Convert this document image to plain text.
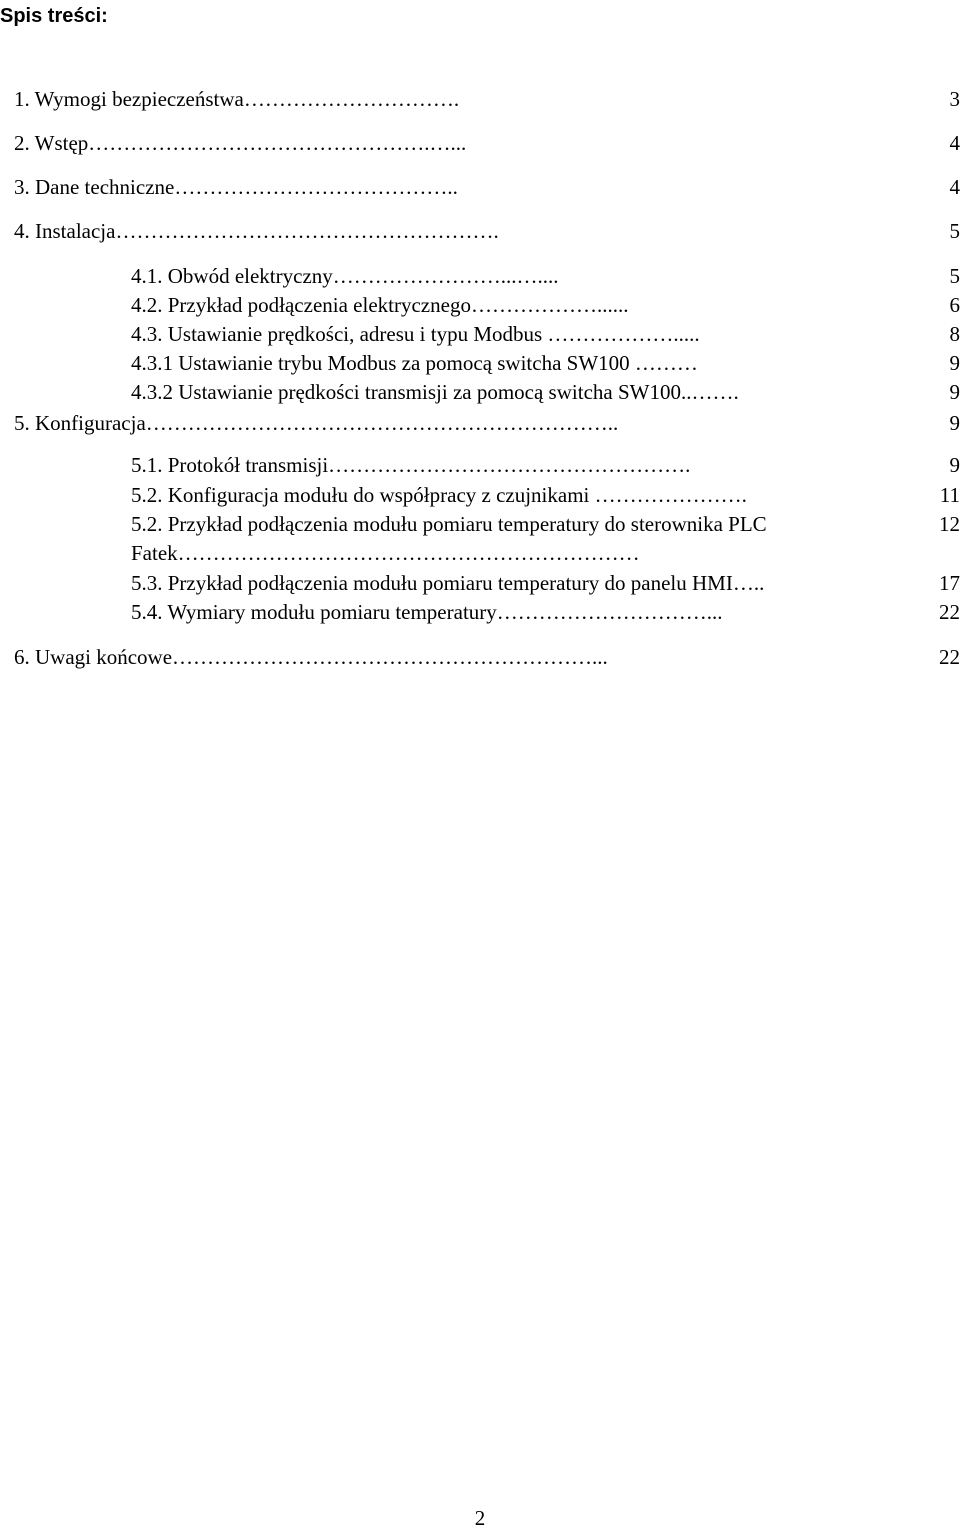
Spis treści:
1. Wymogi bezpieczeństwa………………………….	3
2. Wstęp………………………………………….…...	4
3. Dane techniczne…………………………………..	4
4. Instalacja……………………………………………….	5
4.1. Obwód elektryczny……………………...…....	5
4.2. Przykład podłączenia elektrycznego………………......	6
4.3. Ustawianie prędkości, adresu i typu Modbus ……………….....	8
4.3.1 Ustawianie trybu Modbus za pomocą switcha SW100 ………	9
4.3.2 Ustawianie prędkości transmisji za pomocą switcha SW100..…….	9
5. Konfiguracja…………………………………………………………..	9
5.1. Protokół transmisji…………………………………………….	9
5.2. Konfiguracja modułu do współpracy z czujnikami ………………….	11
5.2. Przykład podłączenia modułu pomiaru temperatury do sterownika PLC	12
Fatek…………………………………………………………
5.3. Przykład podłączenia modułu pomiaru temperatury do panelu HMI…..	17
5.4. Wymiary modułu pomiaru temperatury…………………………...	22
6. Uwagi końcowe……………………………………………………...	22
2
